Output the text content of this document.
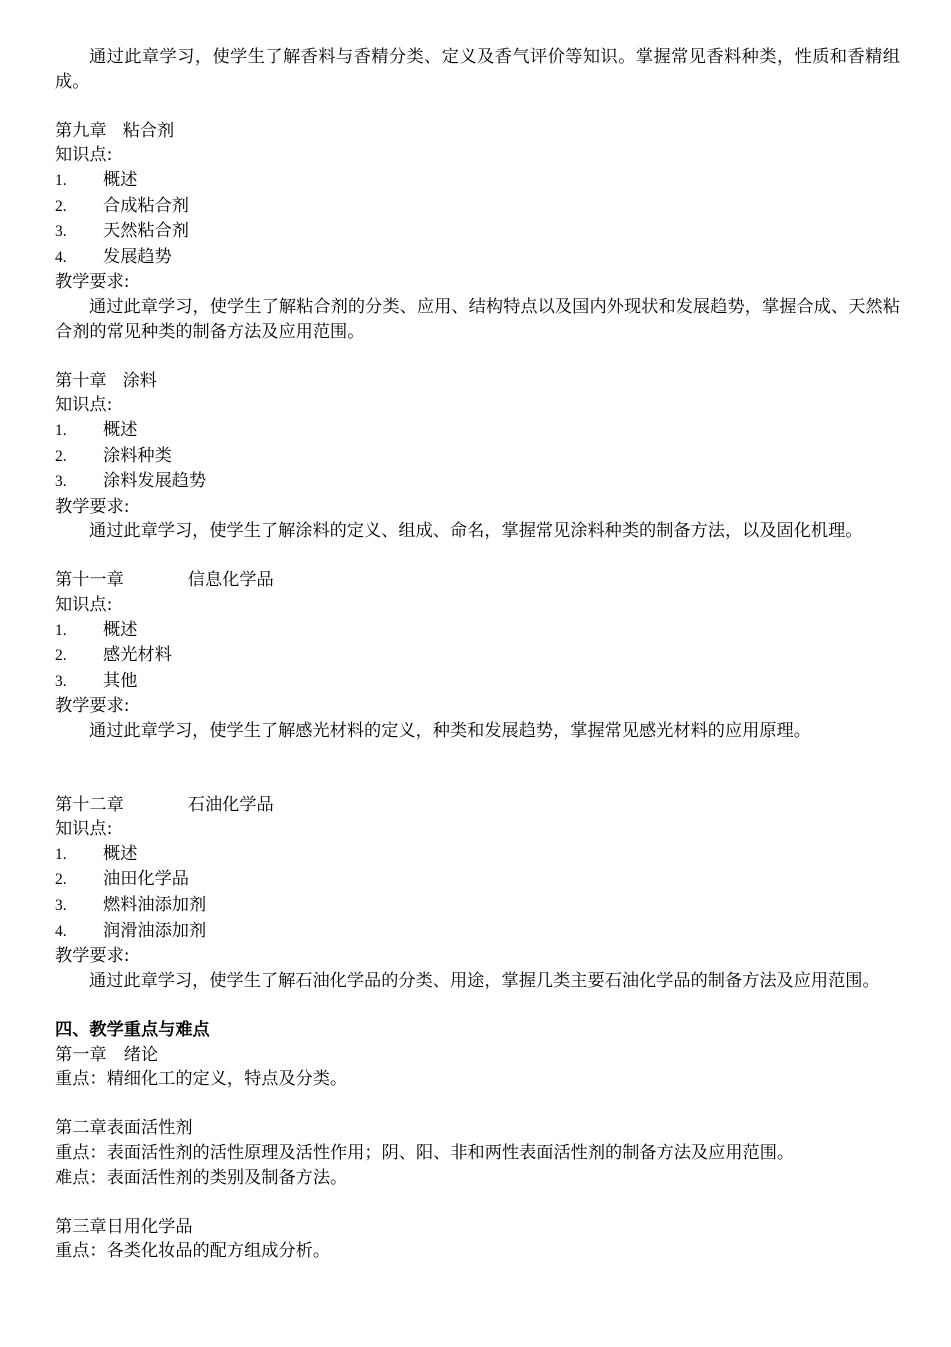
通过此章学习，使学生了解香料与香精分类、定义及香气评价等知识。掌握常见香料种类，性质和香精组成。
第九章 粘合剂
知识点:
1. 概述
2. 合成粘合剂
3. 天然粘合剂
4. 发展趋势
教学要求:
通过此章学习，使学生了解粘合剂的分类、应用、结构特点以及国内外现状和发展趋势，掌握合成、天然粘合剂的常见种类的制备方法及应用范围。
第十章 涂料
知识点:
1. 概述
2. 涂料种类
3. 涂料发展趋势
教学要求:
通过此章学习，使学生了解涂料的定义、组成、命名，掌握常见涂料种类的制备方法，以及固化机理。
第十一章	信息化学品
知识点:
1. 概述
2. 感光材料
3. 其他
教学要求:
通过此章学习，使学生了解感光材料的定义，种类和发展趋势，掌握常见感光材料的应用原理。
第十二章	石油化学品
知识点:
1. 概述
2. 油田化学品
3. 燃料油添加剂
4. 润滑油添加剂
教学要求:
通过此章学习，使学生了解石油化学品的分类、用途，掌握几类主要石油化学品的制备方法及应用范围。
四、教学重点与难点
第一章　绪论
重点：精细化工的定义，特点及分类。
第二章表面活性剂
重点：表面活性剂的活性原理及活性作用；阴、阳、非和两性表面活性剂的制备方法及应用范围。
难点：表面活性剂的类别及制备方法。
第三章日用化学品
重点：各类化妆品的配方组成分析。
